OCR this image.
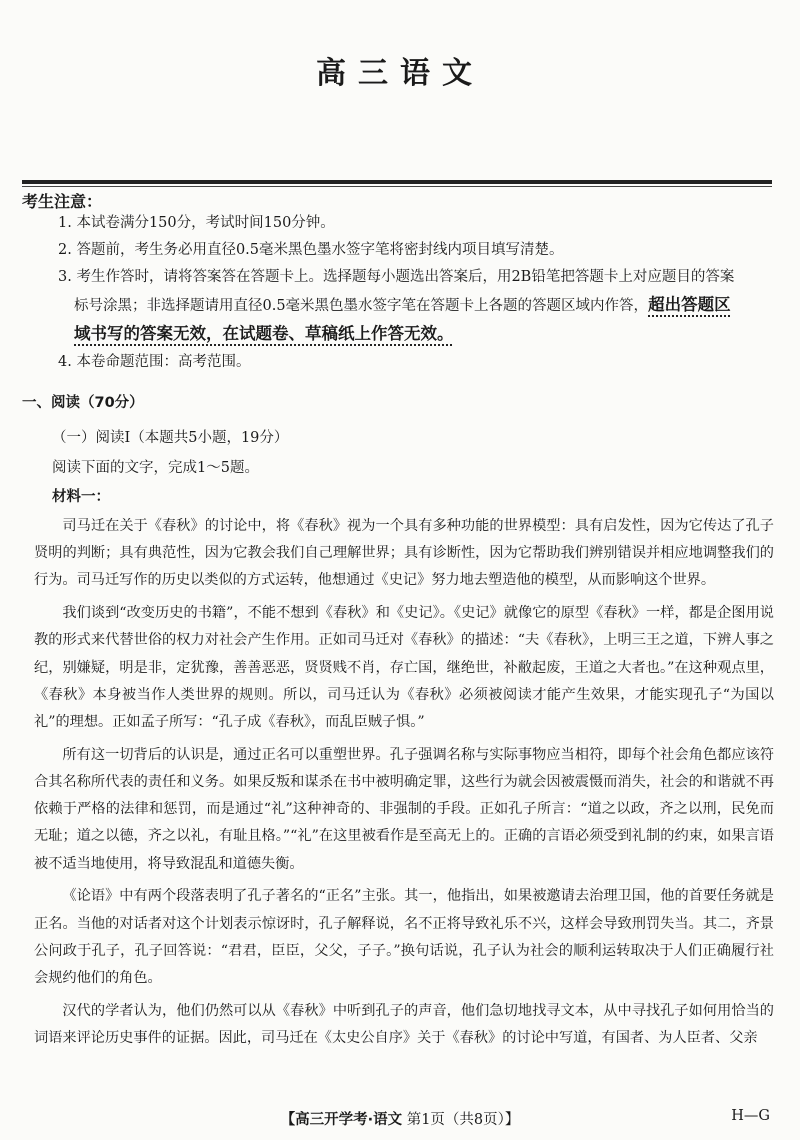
高三语文
考生注意：

1. 本试卷满分150分，考试时间150分钟。

2. 答题前，考生务必用直径0.5毫米黑色墨水签字笔将密封线内项目填写清楚。

3. 考生作答时，请将答案答在答题卡上。选择题每小题选出答案后，用2B铅笔把答题卡上对应题目的答案

标号涂黑；非选择题请用直径0.5毫米黑色墨水签字笔在答题卡上各题的答题区域内作答，超出答题区

域书写的答案无效，在试题卷、草稿纸上作答无效。

4. 本卷命题范围：高考范围。

一、阅读（70分）
（一）阅读Ⅰ（本题共5小题，19分）
阅读下面的文字，完成1～5题。
材料一：

司马迁在关于《春秋》的讨论中，将《春秋》视为一个具有多种功能的世界模型：具有启发性，因为它传达了孔子贤明的判断；具有典范性，因为它教会我们自己理解世界；具有诊断性，因为它帮助我们辨别错误并相应地调整我们的行为。司马迁写作的历史以类似的方式运转，他想通过《史记》努力地去塑造他的模型，从而影响这个世界。

我们谈到“改变历史的书籍”，不能不想到《春秋》和《史记》。《史记》就像它的原型《春秋》一样，都是企图用说教的形式来代替世俗的权力对社会产生作用。正如司马迁对《春秋》的描述：“夫《春秋》，上明三王之道，下辨人事之纪，别嫌疑，明是非，定犹豫，善善恶恶，贤贤贱不肖，存亡国，继绝世，补敝起废，王道之大者也。”在这种观点里，《春秋》本身被当作人类世界的规则。所以，司马迁认为《春秋》必须被阅读才能产生效果，才能实现孔子“为国以礼”的理想。正如孟子所写：“孔子成《春秋》，而乱臣贼子惧。”

所有这一切背后的认识是，通过正名可以重塑世界。孔子强调名称与实际事物应当相符，即每个社会角色都应该符合其名称所代表的责任和义务。如果反叛和谋杀在书中被明确定罪，这些行为就会因被震慑而消失，社会的和谐就不再依赖于严格的法律和惩罚，而是通过“礼”这种神奇的、非强制的手段。正如孔子所言：“道之以政，齐之以刑，民免而无耻；道之以德，齐之以礼，有耻且格。”“礼”在这里被看作是至高无上的。正确的言语必须受到礼制的约束，如果言语被不适当地使用，将导致混乱和道德失衡。

《论语》中有两个段落表明了孔子著名的“正名”主张。其一，他指出，如果被邀请去治理卫国，他的首要任务就是正名。当他的对话者对这个计划表示惊讶时，孔子解释说，名不正将导致礼乐不兴，这样会导致刑罚失当。其二，齐景公问政于孔子，孔子回答说：“君君，臣臣，父父，子子。”换句话说，孔子认为社会的顺利运转取决于人们正确履行社会规约他们的角色。

汉代的学者认为，他们仍然可以从《春秋》中听到孔子的声音，他们急切地找寻文本，从中寻找孔子如何用恰当的词语来评论历史事件的证据。因此，司马迁在《太史公自序》关于《春秋》的讨论中写道，有国者、为人臣者、父亲

【高三开学考·语文 第1页（共8页）】	H—G
